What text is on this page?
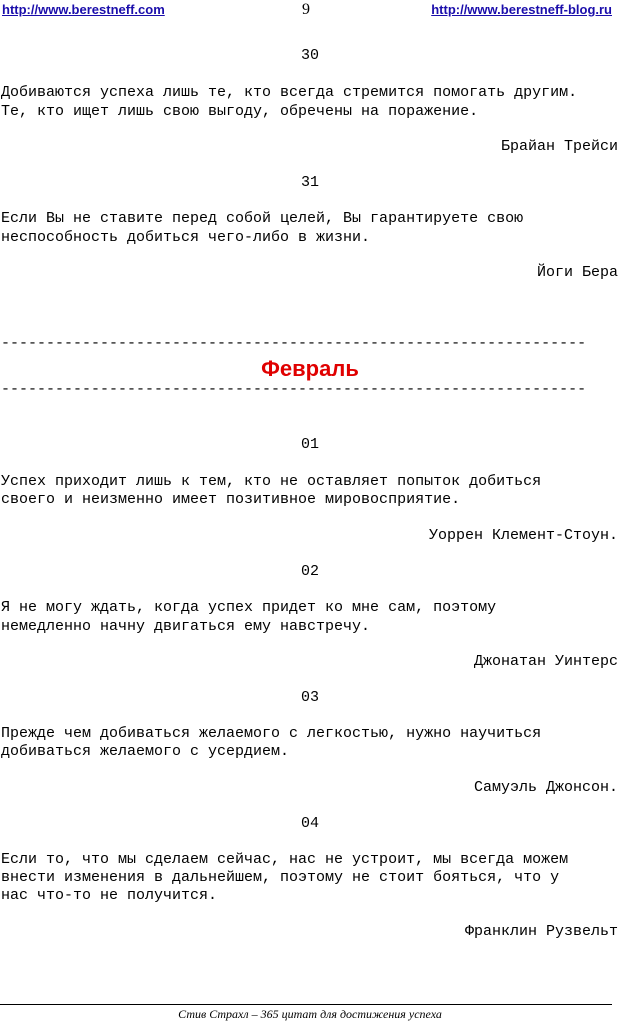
http://www.berestneff.com	9	http://www.berestneff-blog.ru
30
Добиваются успеха лишь те, кто всегда стремится помогать другим.
Те, кто ищет лишь свою выгоду, обречены на поражение.
Брайан Трейси
31
Если Вы не ставите перед собой целей, Вы гарантируете свою
неспособность добиться чего-либо в жизни.
Йоги Бера
-----------------------------------------------------------------
Февраль
-----------------------------------------------------------------
01
Успех приходит лишь к тем, кто не оставляет попыток добиться
своего и неизменно имеет позитивное мировосприятие.
Уоррен Клемент-Стоун.
02
Я не могу ждать, когда успех придет ко мне сам, поэтому
немедленно начну двигаться ему навстречу.
Джонатан Уинтерс
03
Прежде чем добиваться желаемого с легкостью, нужно научиться
добиваться желаемого с усердием.
Самуэль Джонсон.
04
Если то, что мы сделаем сейчас, нас не устроит, мы всегда можем
внести изменения в дальнейшем, поэтому не стоит бояться, что у
нас что-то не получится.
Франклин Рузвельт
Стив Страхл – 365 цитат для достижения успеха
